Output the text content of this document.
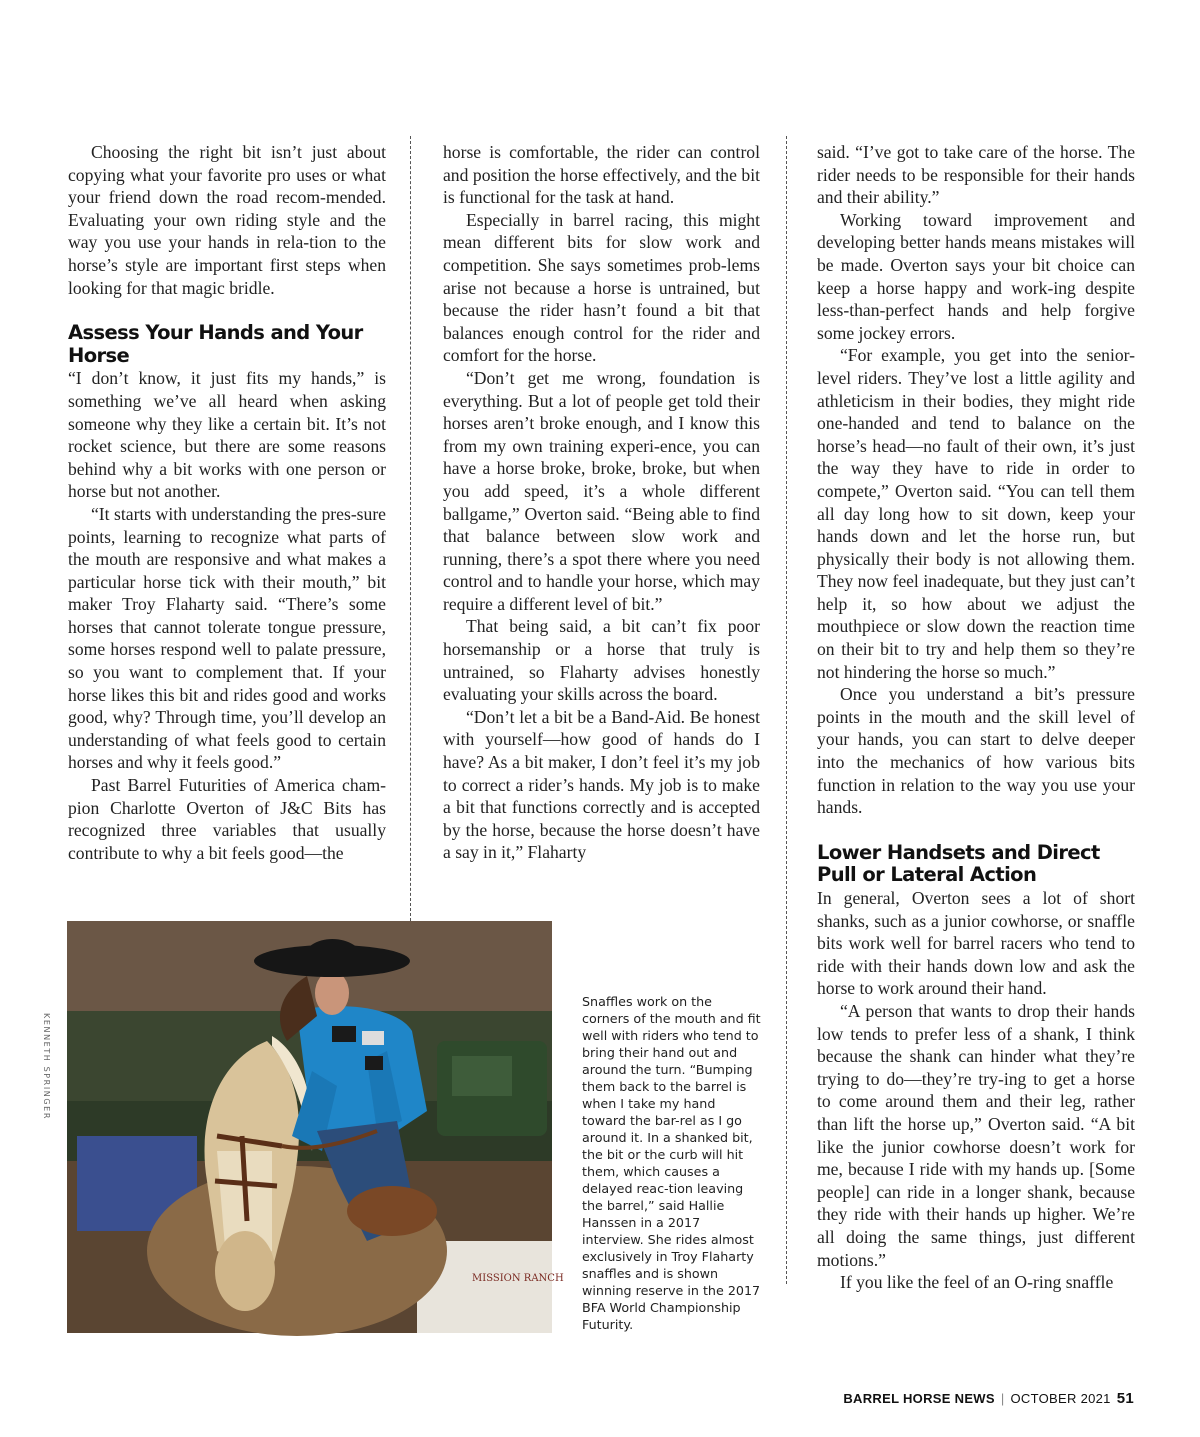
Choosing the right bit isn’t just about copying what your favorite pro uses or what your friend down the road recom-mended. Evaluating your own riding style and the way you use your hands in rela-tion to the horse’s style are important first steps when looking for that magic bridle.

Assess Your Hands and Your Horse

“I don’t know, it just fits my hands,” is something we’ve all heard when asking someone why they like a certain bit. It’s not rocket science, but there are some reasons behind why a bit works with one person or horse but not another.

“It starts with understanding the pres-sure points, learning to recognize what parts of the mouth are responsive and what makes a particular horse tick with their mouth,” bit maker Troy Flaharty said. “There’s some horses that cannot tolerate tongue pressure, some horses respond well to palate pressure, so you want to complement that. If your horse likes this bit and rides good and works good, why? Through time, you’ll develop an understanding of what feels good to certain horses and why it feels good.”

Past Barrel Futurities of America cham-pion Charlotte Overton of J&C Bits has recognized three variables that usually contribute to why a bit feels good—the

horse is comfortable, the rider can control and position the horse effectively, and the bit is functional for the task at hand.

Especially in barrel racing, this might mean different bits for slow work and competition. She says sometimes prob-lems arise not because a horse is untrained, but because the rider hasn’t found a bit that balances enough control for the rider and comfort for the horse.

“Don’t get me wrong, foundation is everything. But a lot of people get told their horses aren’t broke enough, and I know this from my own training experi-ence, you can have a horse broke, broke, broke, but when you add speed, it’s a whole different ballgame,” Overton said. “Being able to find that balance between slow work and running, there’s a spot there where you need control and to handle your horse, which may require a different level of bit.”

That being said, a bit can’t fix poor horsemanship or a horse that truly is untrained, so Flaharty advises honestly evaluating your skills across the board.

“Don’t let a bit be a Band-Aid. Be honest with yourself—how good of hands do I have? As a bit maker, I don’t feel it’s my job to correct a rider’s hands. My job is to make a bit that functions correctly and is accepted by the horse, because the horse doesn’t have a say in it,” Flaharty

said. “I’ve got to take care of the horse. The rider needs to be responsible for their hands and their ability.”

Working toward improvement and developing better hands means mistakes will be made. Overton says your bit choice can keep a horse happy and work-ing despite less-than-perfect hands and help forgive some jockey errors.

“For example, you get into the senior-level riders. They’ve lost a little agility and athleticism in their bodies, they might ride one-handed and tend to balance on the horse’s head—no fault of their own, it’s just the way they have to ride in order to compete,” Overton said. “You can tell them all day long how to sit down, keep your hands down and let the horse run, but physically their body is not allowing them. They now feel inadequate, but they just can’t help it, so how about we adjust the mouthpiece or slow down the reaction time on their bit to try and help them so they’re not hindering the horse so much.”

Once you understand a bit’s pressure points in the mouth and the skill level of your hands, you can start to delve deeper into the mechanics of how various bits function in relation to the way you use your hands.

Lower Handsets and Direct Pull or Lateral Action

In general, Overton sees a lot of short shanks, such as a junior cowhorse, or snaffle bits work well for barrel racers who tend to ride with their hands down low and ask the horse to work around their hand.

“A person that wants to drop their hands low tends to prefer less of a shank, I think because the shank can hinder what they’re trying to do—they’re try-ing to get a horse to come around them and their leg, rather than lift the horse up,” Overton said. “A bit like the junior cowhorse doesn’t work for me, because I ride with my hands up. [Some people] can ride in a longer shank, because they ride with their hands up higher. We’re all doing the same things, just different motions.”

If you like the feel of an O-ring snaffle

KENNETH SPRINGER
MISSION RANCH
Snaffles work on the corners of the mouth and fit well with riders who tend to bring their hand out and around the turn. “Bumping them back to the barrel is when I take my hand toward the bar-rel as I go around it. In a shanked bit, the bit or the curb will hit them, which causes a delayed reac-tion leaving the barrel,” said Hallie Hanssen in a 2017 interview. She rides almost exclusively in Troy Flaharty snaffles and is shown winning reserve in the 2017 BFA World Championship Futurity.
BARREL HORSE NEWS | OCTOBER 2021 51
